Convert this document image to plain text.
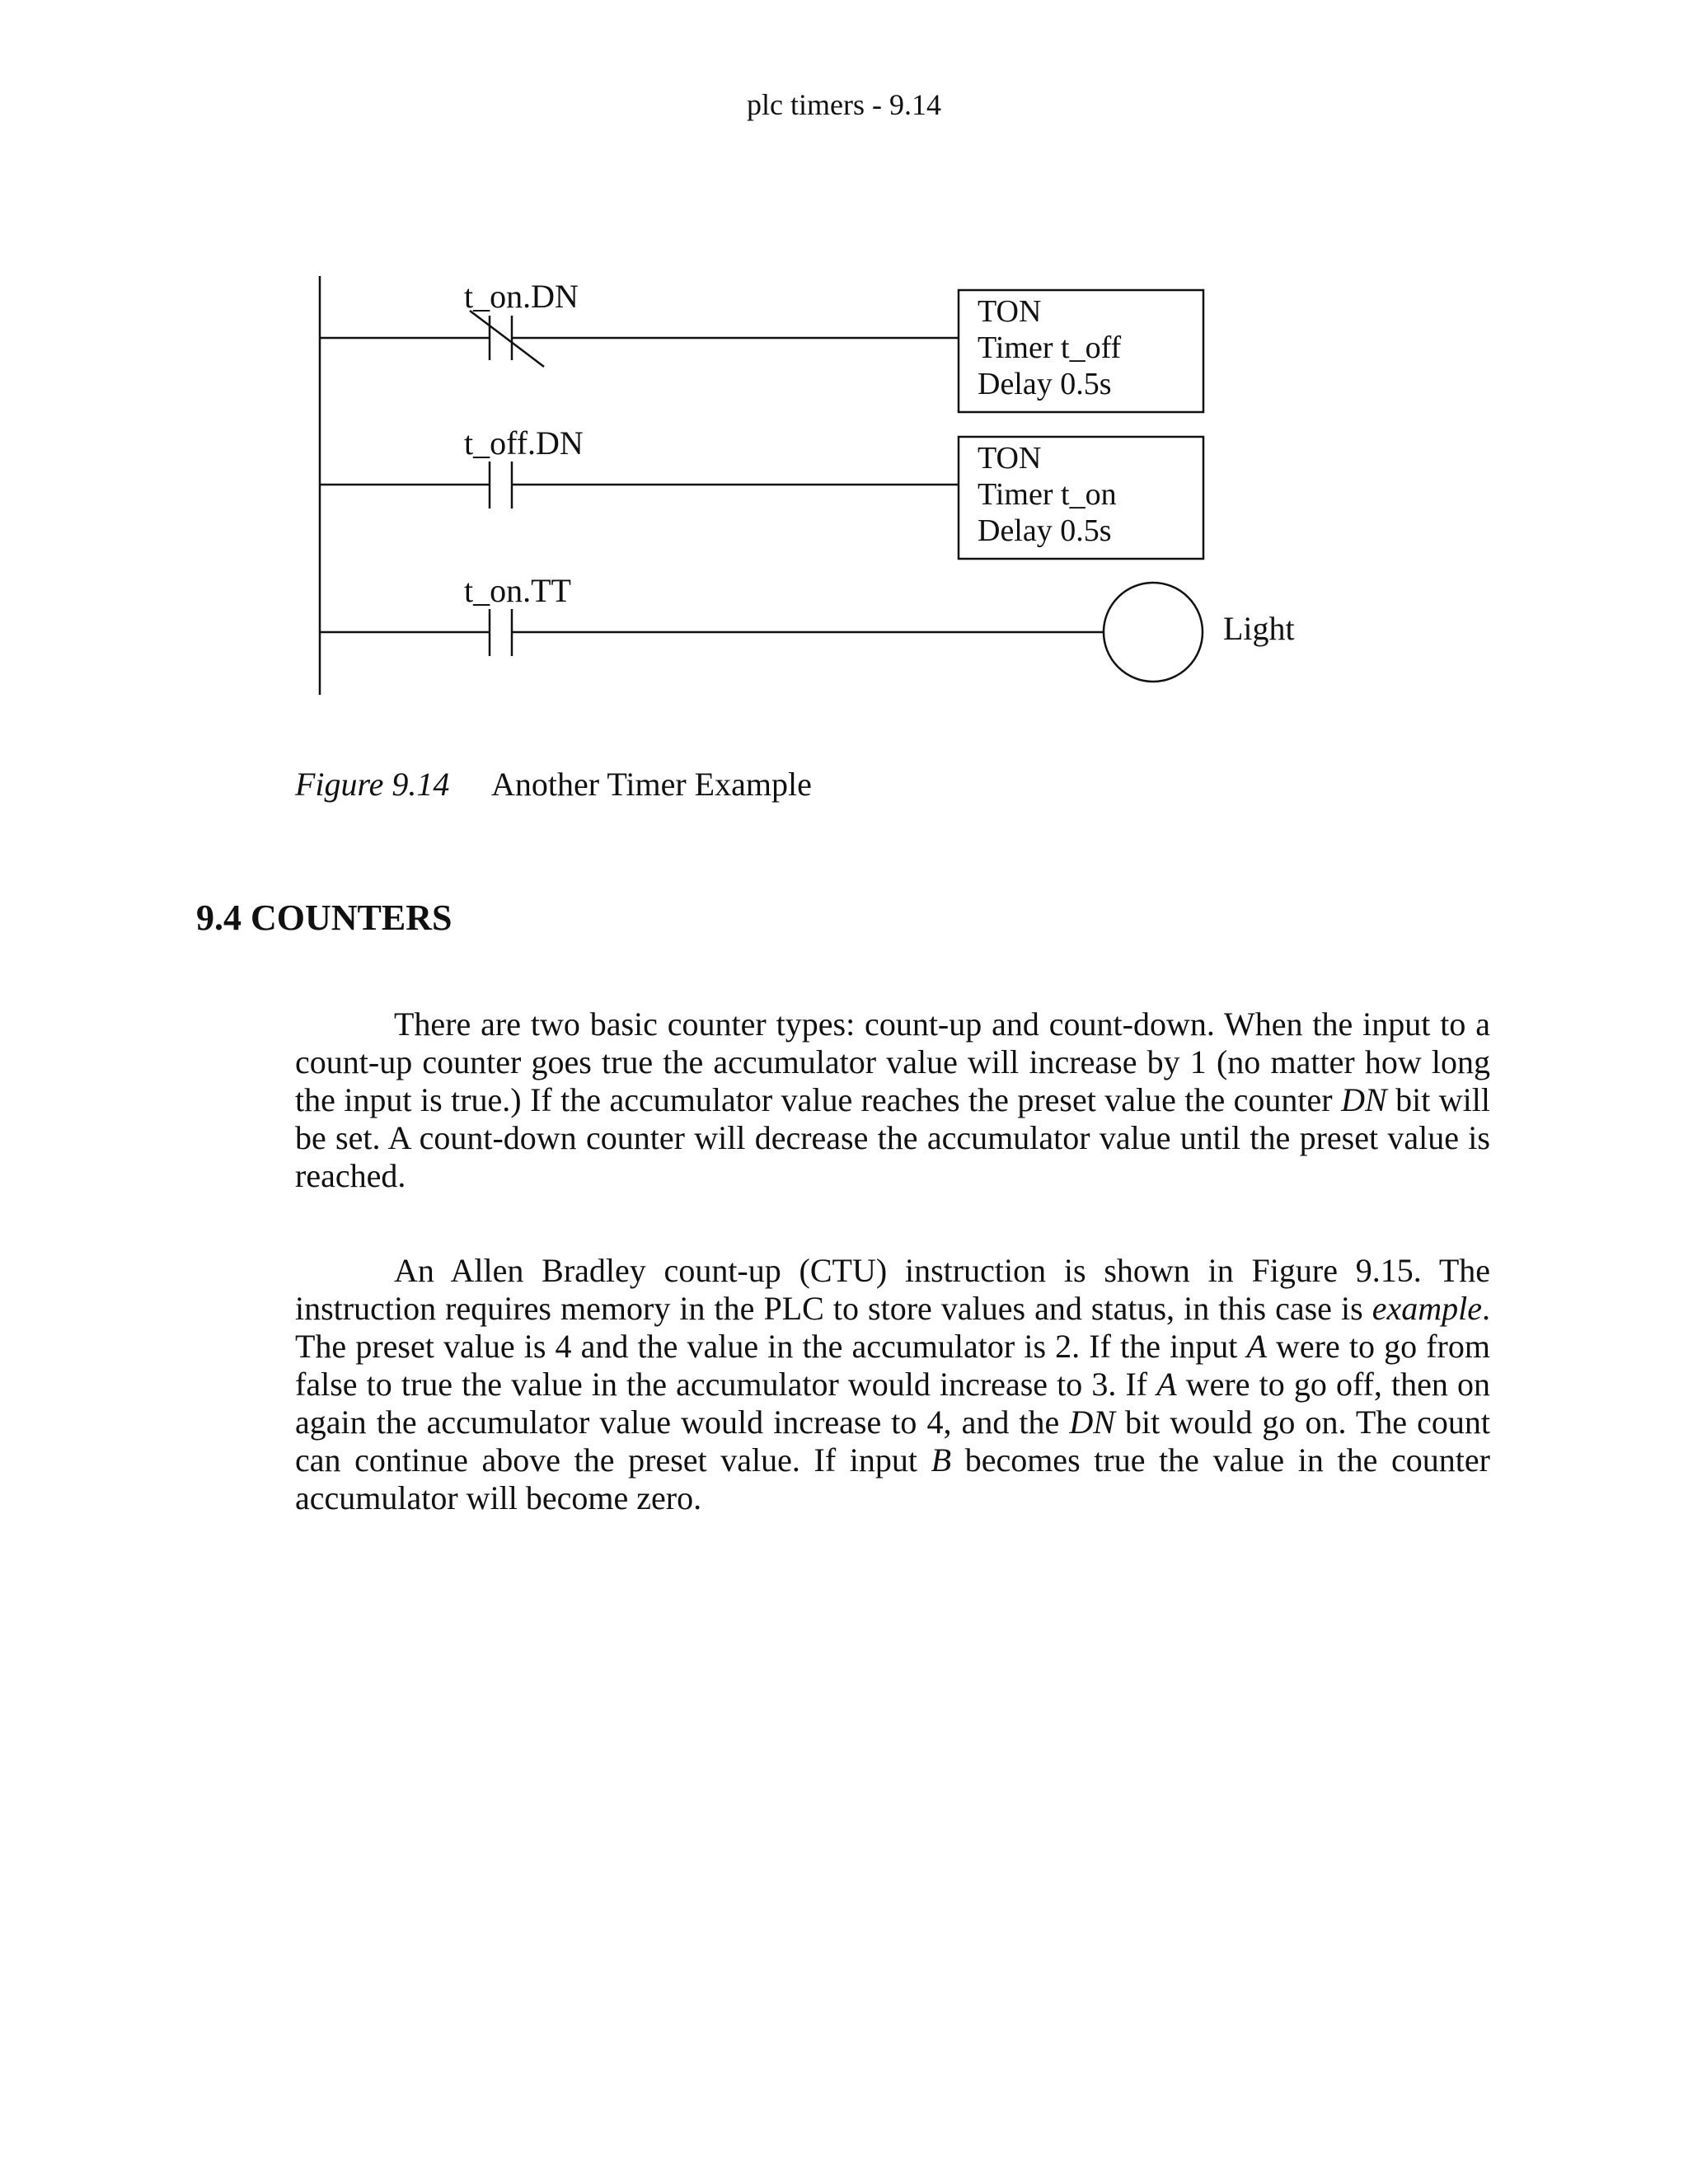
plc timers - 9.14
t_on.DN
t_off.DN
t_on.TT
TON
Timer t_off
Delay 0.5s
TON
Timer t_on
Delay 0.5s
Light
Figure 9.14 Another Timer Example
9.4 COUNTERS

There are two basic counter types: count-up and count-down. When the input to a count-up counter goes true the accumulator value will increase by 1 (no matter how long the input is true.) If the accumulator value reaches the preset value the counter DN bit will be set. A count-down counter will decrease the accumulator value until the preset value is reached.

An Allen Bradley count-up (CTU) instruction is shown in Figure 9.15. The instruction requires memory in the PLC to store values and status, in this case is example. The preset value is 4 and the value in the accumulator is 2. If the input A were to go from false to true the value in the accumulator would increase to 3. If A were to go off, then on again the accumulator value would increase to 4, and the DN bit would go on. The count can continue above the preset value. If input B becomes true the value in the counter accumulator will become zero.
